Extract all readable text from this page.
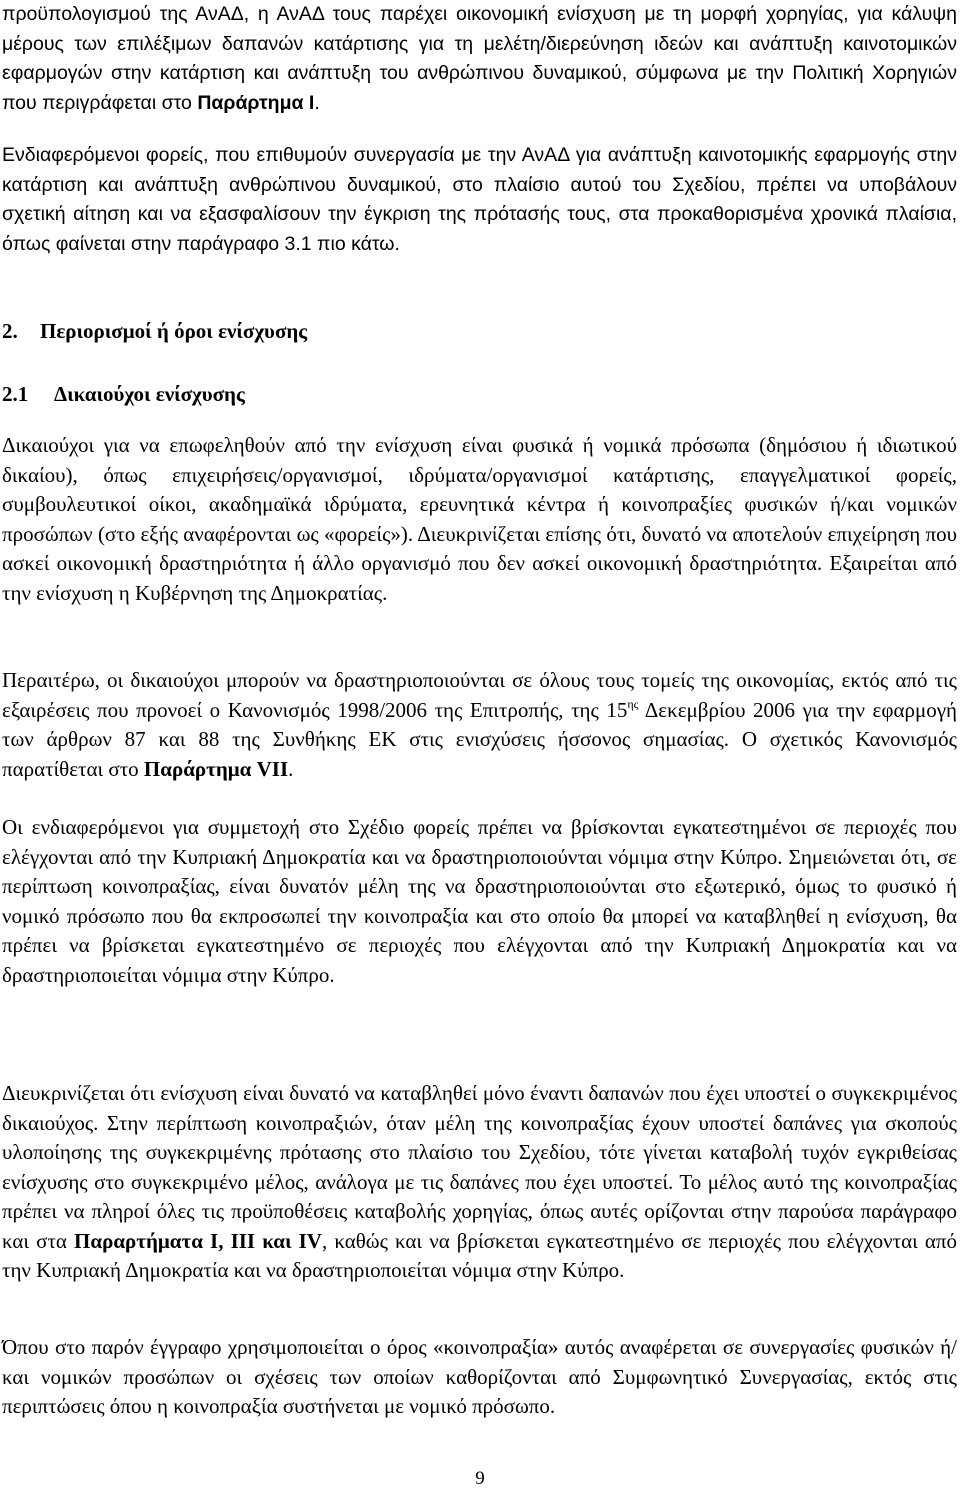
προϋπολογισμού της ΑνΑΔ, η ΑνΑΔ τους παρέχει οικονομική ενίσχυση με τη μορφή χορηγίας, για κάλυψη μέρους των επιλέξιμων δαπανών κατάρτισης για τη μελέτη/διερεύνηση ιδεών και ανάπτυξη καινοτομικών εφαρμογών στην κατάρτιση και ανάπτυξη του ανθρώπινου δυναμικού, σύμφωνα με την Πολιτική Χορηγιών που περιγράφεται στο Παράρτημα Ι.

Ενδιαφερόμενοι φορείς, που επιθυμούν συνεργασία με την ΑνΑΔ για ανάπτυξη καινοτομικής εφαρμογής στην κατάρτιση και ανάπτυξη ανθρώπινου δυναμικού, στο πλαίσιο αυτού του Σχεδίου, πρέπει να υποβάλουν σχετική αίτηση και να εξασφαλίσουν την έγκριση της πρότασής τους, στα προκαθορισμένα χρονικά πλαίσια, όπως φαίνεται στην παράγραφο 3.1 πιο κάτω.

2. Περιορισμοί ή όροι ενίσχυσης
2.1 Δικαιούχοι ενίσχυσης

Δικαιούχοι για να επωφεληθούν από την ενίσχυση είναι φυσικά ή νομικά πρόσωπα (δημόσιου ή ιδιωτικού δικαίου), όπως επιχειρήσεις/οργανισμοί, ιδρύματα/οργανισμοί κατάρτισης, επαγγελματικοί φορείς, συμβουλευτικοί οίκοι, ακαδημαϊκά ιδρύματα, ερευνητικά κέντρα ή κοινοπραξίες φυσικών ή/και νομικών προσώπων (στο εξής αναφέρονται ως «φορείς»). Διευκρινίζεται επίσης ότι, δυνατό να αποτελούν επιχείρηση που ασκεί οικονομική δραστηριότητα ή άλλο οργανισμό που δεν ασκεί οικονομική δραστηριότητα. Εξαιρείται από την ενίσχυση η Κυβέρνηση της Δημοκρατίας.

Περαιτέρω, οι δικαιούχοι μπορούν να δραστηριοποιούνται σε όλους τους τομείς της οικονομίας, εκτός από τις εξαιρέσεις που προνοεί ο Κανονισμός 1998/2006 της Επιτροπής, της $15^{\eta\varsigma}$ Δεκεμβρίου 2006 για την εφαρμογή των άρθρων 87 και 88 της Συνθήκης ΕΚ στις ενισχύσεις ήσσονος σημασίας. Ο σχετικός Κανονισμός παρατίθεται στο Παράρτημα VII.

Οι ενδιαφερόμενοι για συμμετοχή στο Σχέδιο φορείς πρέπει να βρίσκονται εγκατεστημένοι σε περιοχές που ελέγχονται από την Κυπριακή Δημοκρατία και να δραστηριοποιούνται νόμιμα στην Κύπρο. Σημειώνεται ότι, σε περίπτωση κοινοπραξίας, είναι δυνατόν μέλη της να δραστηριοποιούνται στο εξωτερικό, όμως το φυσικό ή νομικό πρόσωπο που θα εκπροσωπεί την κοινοπραξία και στο οποίο θα μπορεί να καταβληθεί η ενίσχυση, θα πρέπει να βρίσκεται εγκατεστημένο σε περιοχές που ελέγχονται από την Κυπριακή Δημοκρατία και να δραστηριοποιείται νόμιμα στην Κύπρο.

Διευκρινίζεται ότι ενίσχυση είναι δυνατό να καταβληθεί μόνο έναντι δαπανών που έχει υποστεί ο συγκεκριμένος δικαιούχος. Στην περίπτωση κοινοπραξιών, όταν μέλη της κοινοπραξίας έχουν υποστεί δαπάνες για σκοπούς υλοποίησης της συγκεκριμένης πρότασης στο πλαίσιο του Σχεδίου, τότε γίνεται καταβολή τυχόν εγκριθείσας ενίσχυσης στο συγκεκριμένο μέλος, ανάλογα με τις δαπάνες που έχει υποστεί. Το μέλος αυτό της κοινοπραξίας πρέπει να πληροί όλες τις προϋποθέσεις καταβολής χορηγίας, όπως αυτές ορίζονται στην παρούσα παράγραφο και στα Παραρτήματα Ι, ΙΙΙ και IV, καθώς και να βρίσκεται εγκατεστημένο σε περιοχές που ελέγχονται από την Κυπριακή Δημοκρατία και να δραστηριοποιείται νόμιμα στην Κύπρο.

Όπου στο παρόν έγγραφο χρησιμοποιείται ο όρος «κοινοπραξία» αυτός αναφέρεται σε συνεργασίες φυσικών ή/και νομικών προσώπων οι σχέσεις των οποίων καθορίζονται από Συμφωνητικό Συνεργασίας, εκτός στις περιπτώσεις όπου η κοινοπραξία συστήνεται με νομικό πρόσωπο.

9
